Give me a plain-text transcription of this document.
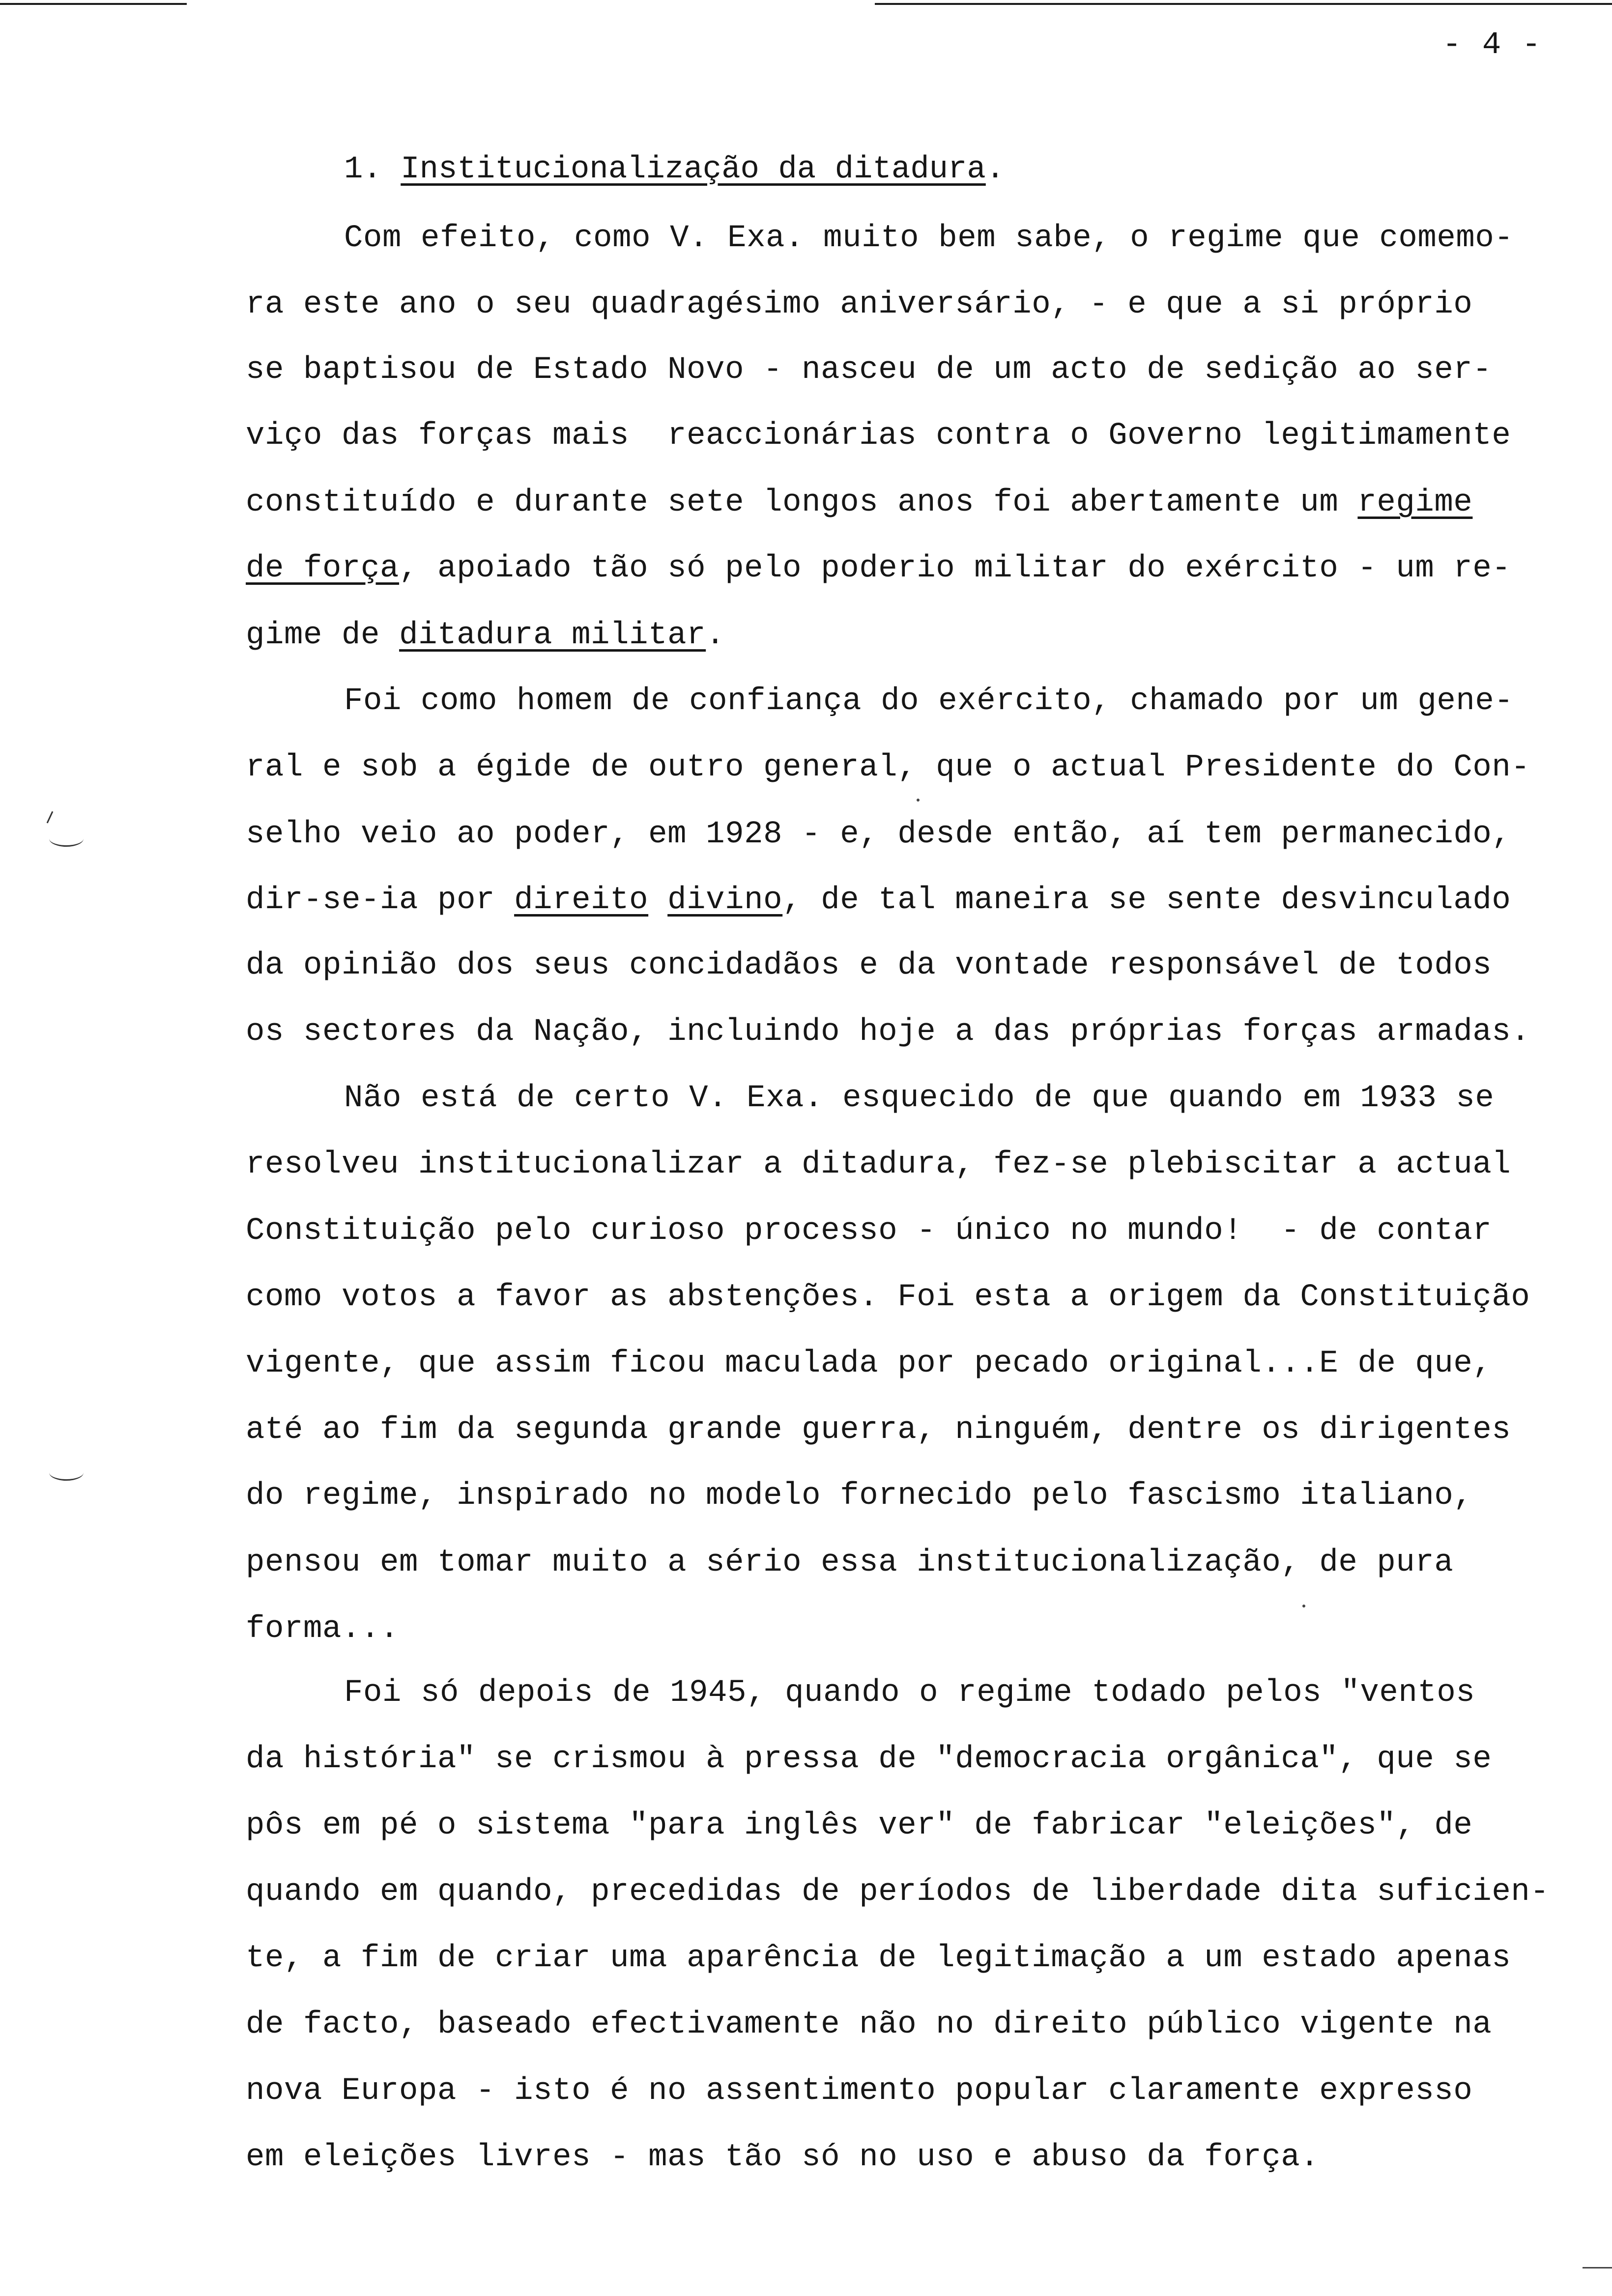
- 4 -
1. Institucionalização da ditadura.
Com efeito, como V. Exa. muito bem sabe, o regime que comemo-
ra este ano o seu quadragésimo aniversário, - e que a si próprio
se baptisou de Estado Novo - nasceu de um acto de sedição ao ser-
viço das forças mais  reaccionárias contra o Governo legitimamente
constituído e durante sete longos anos foi abertamente um regime
de força, apoiado tão só pelo poderio militar do exército - um re-
gime de ditadura militar.
Foi como homem de confiança do exército, chamado por um gene-
ral e sob a égide de outro general, que o actual Presidente do Con-
selho veio ao poder, em 1928 - e, desde então, aí tem permanecido,
dir-se-ia por direito divino, de tal maneira se sente desvinculado
da opinião dos seus concidadãos e da vontade responsável de todos
os sectores da Nação, incluindo hoje a das próprias forças armadas.
Não está de certo V. Exa. esquecido de que quando em 1933 se
resolveu institucionalizar a ditadura, fez-se plebiscitar a actual
Constituição pelo curioso processo - único no mundo!  - de contar
como votos a favor as abstenções. Foi esta a origem da Constituição
vigente, que assim ficou maculada por pecado original...E de que,
até ao fim da segunda grande guerra, ninguém, dentre os dirigentes
do regime, inspirado no modelo fornecido pelo fascismo italiano,
pensou em tomar muito a sério essa institucionalização, de pura
forma...
Foi só depois de 1945, quando o regime todado pelos "ventos
da história" se crismou à pressa de "democracia orgânica", que se
pôs em pé o sistema "para inglês ver" de fabricar "eleições", de
quando em quando, precedidas de períodos de liberdade dita suficien-
te, a fim de criar uma aparência de legitimação a um estado apenas
de facto, baseado efectivamente não no direito público vigente na
nova Europa - isto é no assentimento popular claramente expresso
em eleições livres - mas tão só no uso e abuso da força.
